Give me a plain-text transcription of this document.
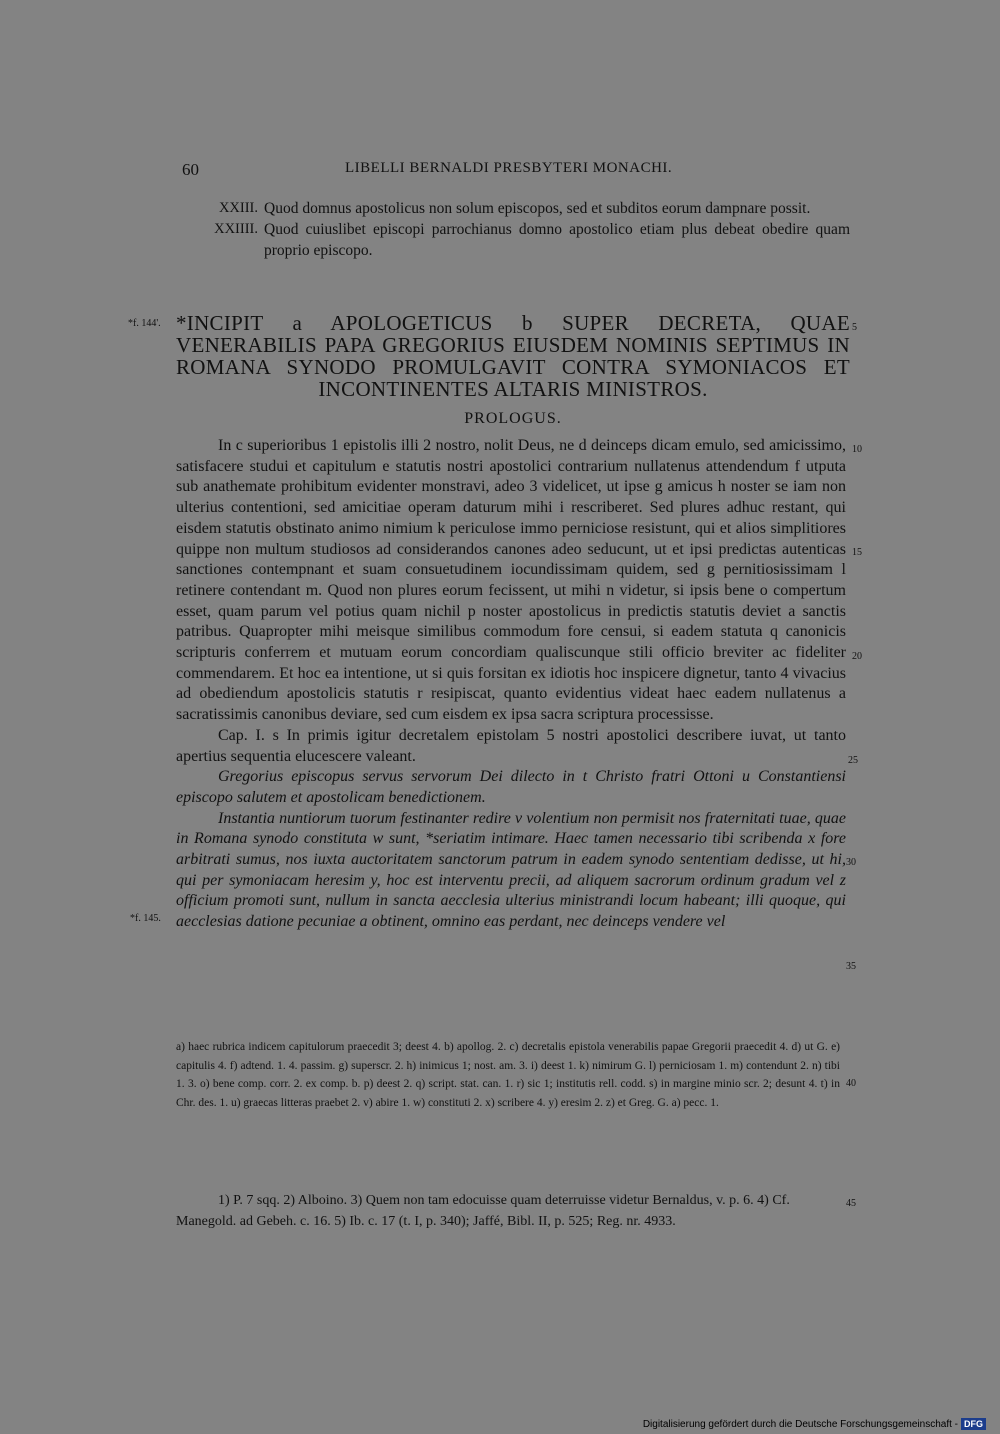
60	LIBELLI BERNALDI PRESBYTERI MONACHI.
XXIII. Quod domnus apostolicus non solum episcopos, sed et subditos eorum dampnare possit.
XXIIII. Quod cuiuslibet episcopi parrochianus domno apostolico etiam plus debeat obedire quam proprio episcopo.
*f. 144'.
*f. 145.
5
10
15
20
25
30
35
40
45
*INCIPIT a APOLOGETICUS b SUPER DECRETA, QUAE VENERABILIS PAPA GREGORIUS EIUSDEM NOMINIS SEPTIMUS IN ROMANA SYNODO PROMULGAVIT CONTRA SYMONIACOS ET INCONTINENTES ALTARIS MINISTROS.
PROLOGUS.

In c superioribus 1 epistolis illi 2 nostro, nolit Deus, ne d deinceps dicam emulo, sed amicissimo, satisfacere studui et capitulum e statutis nostri apostolici contrarium nullatenus attendendum f utputa sub anathemate prohibitum evidenter monstravi, adeo 3 videlicet, ut ipse g amicus h noster se iam non ulterius contentioni, sed amicitiae operam daturum mihi i rescriberet. Sed plures adhuc restant, qui eisdem statutis obstinato animo nimium k periculose immo perniciose resistunt, qui et alios simplitiores quippe non multum studiosos ad considerandos canones adeo seducunt, ut et ipsi predictas autenticas sanctiones contempnant et suam consuetudinem iocundissimam quidem, sed g pernitiosissimam l retinere contendant m. Quod non plures eorum fecissent, ut mihi n videtur, si ipsis bene o compertum esset, quam parum vel potius quam nichil p noster apostolicus in predictis statutis deviet a sanctis patribus. Quapropter mihi meisque similibus commodum fore censui, si eadem statuta q canonicis scripturis conferrem et mutuam eorum concordiam qualiscunque stili officio breviter ac fideliter commendarem. Et hoc ea intentione, ut si quis forsitan ex idiotis hoc inspicere dignetur, tanto 4 vivacius ad obediendum apostolicis statutis r resipiscat, quanto evidentius videat haec eadem nullatenus a sacratissimis canonibus deviare, sed cum eisdem ex ipsa sacra scriptura processisse.

Cap. I. s In primis igitur decretalem epistolam 5 nostri apostolici describere iuvat, ut tanto apertius sequentia elucescere valeant.

Gregorius episcopus servus servorum Dei dilecto in t Christo fratri Ottoni u Constantiensi episcopo salutem et apostolicam benedictionem.

Instantia nuntiorum tuorum festinanter redire v volentium non permisit nos fraternitati tuae, quae in Romana synodo constituta w sunt, *seriatim intimare. Haec tamen necessario tibi scribenda x fore arbitrati sumus, nos iuxta auctoritatem sanctorum patrum in eadem synodo sententiam dedisse, ut hi, qui per symoniacam heresim y, hoc est interventu precii, ad aliquem sacrorum ordinum gradum vel z officium promoti sunt, nullum in sancta aecclesia ulterius ministrandi locum habeant; illi quoque, qui aecclesias datione pecuniae a obtinent, omnino eas perdant, nec deinceps vendere vel

a) haec rubrica indicem capitulorum praecedit 3; deest 4. b) apollog. 2. c) decretalis epistola venerabilis papae Gregorii praecedit 4. d) ut G. e) capitulis 4. f) adtend. 1. 4. passim. g) superscr. 2. h) inimicus 1; nost. am. 3. i) deest 1. k) nimirum G. l) perniciosam 1. m) contendunt 2. n) tibi 1. 3. o) bene comp. corr. 2. ex comp. b. p) deest 2. q) script. stat. can. 1. r) sic 1; institutis rell. codd. s) in margine minio scr. 2; desunt 4. t) in Chr. des. 1. u) graecas litteras praebet 2. v) abire 1. w) constituti 2. x) scribere 4. y) eresim 2. z) et Greg. G. a) pecc. 1.
1) P. 7 sqq. 2) Alboino. 3) Quem non tam edocuisse quam deterruisse videtur Bernaldus, v. p. 6. 4) Cf. Manegold. ad Gebeh. c. 16. 5) Ib. c. 17 (t. I, p. 340); Jaffé, Bibl. II, p. 525; Reg. nr. 4933.
Digitalisierung gefördert durch die Deutsche Forschungsgemeinschaft - DFG
